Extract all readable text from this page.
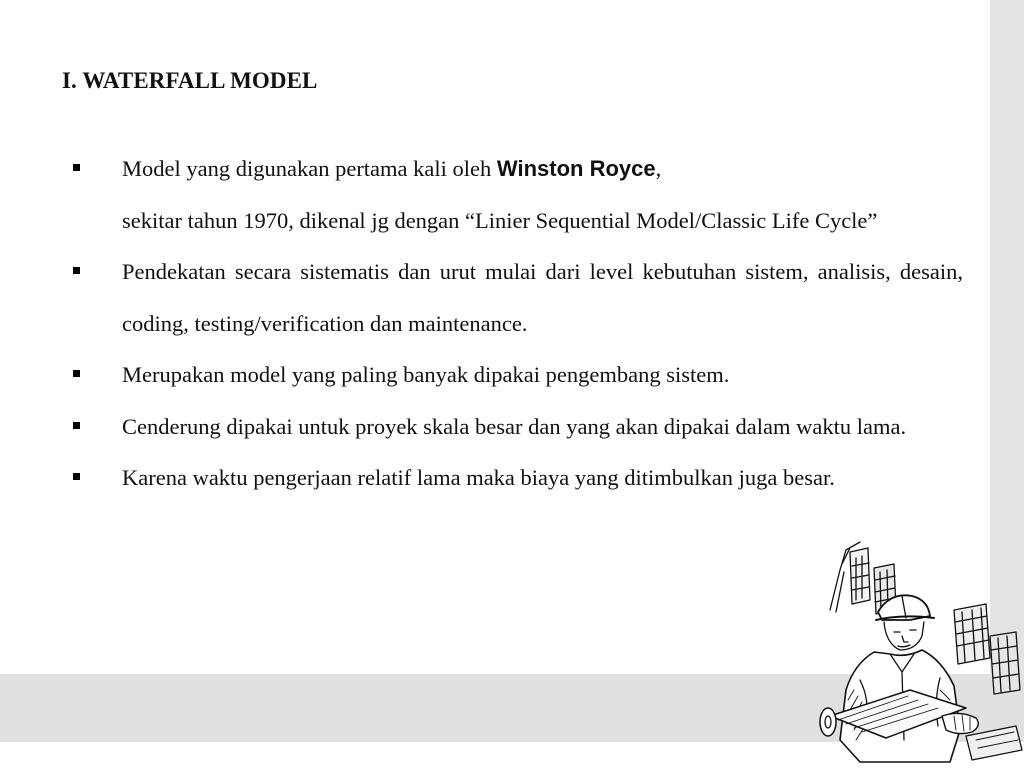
I. WATERFALL MODEL
Model yang digunakan pertama kali oleh Winston Royce,
sekitar tahun 1970, dikenal jg dengan “Linier Sequential Model/Classic Life Cycle”
Pendekatan secara sistematis dan urut mulai dari level kebutuhan sistem, analisis, desain, coding, testing/verification dan maintenance.
Merupakan model yang paling banyak dipakai pengembang sistem.
Cenderung dipakai untuk proyek skala besar dan yang akan dipakai dalam waktu lama.
Karena waktu pengerjaan relatif lama maka biaya yang ditimbulkan juga besar.
